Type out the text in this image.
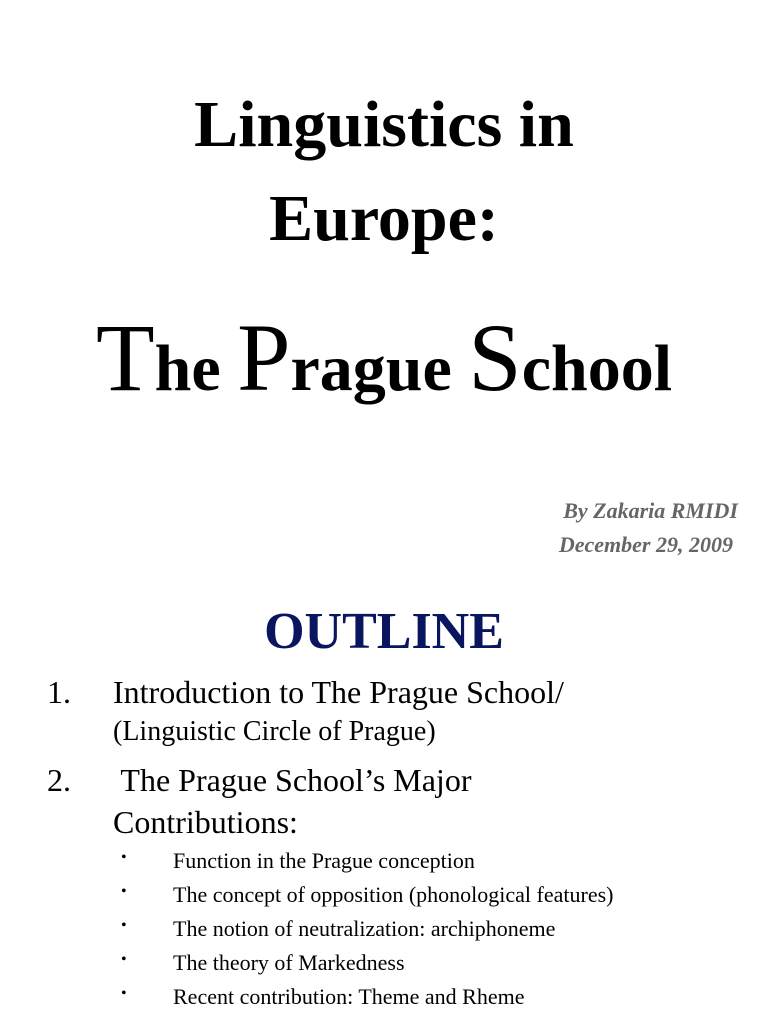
Linguistics in
Europe:
The Prague School
By Zakaria RMIDI
December 29, 2009
OUTLINE
1. Introduction to The Prague School/
(Linguistic Circle of Prague)
2. The Prague School’s Major
Contributions:
• Function in the Prague conception
• The concept of opposition (phonological features)
• The notion of neutralization: archiphoneme
• The theory of Markedness
• Recent contribution: Theme and Rheme
